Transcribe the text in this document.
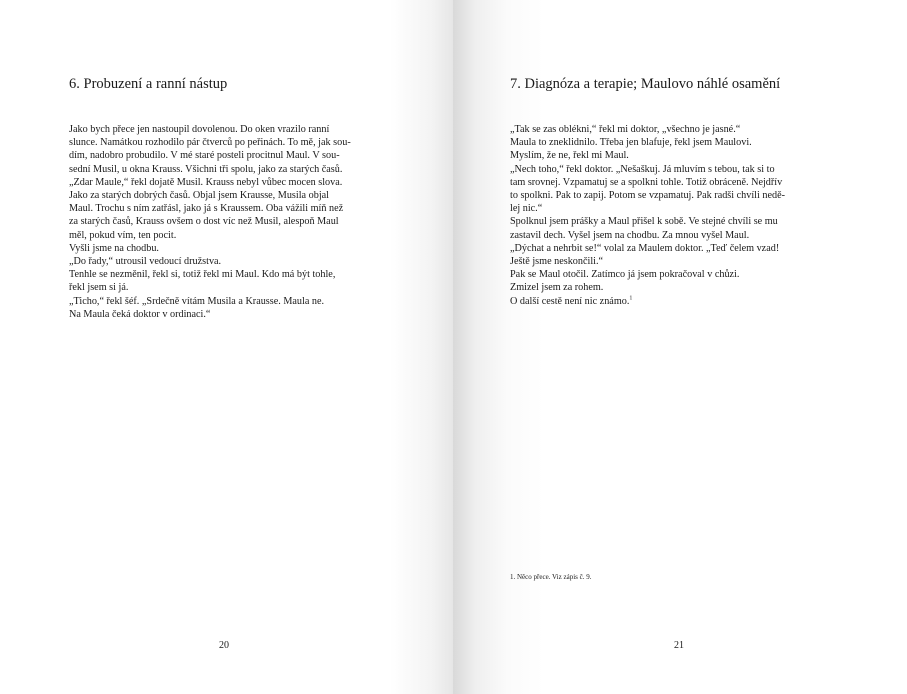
6. Probuzení a ranní nástup
Jako bych přece jen nastoupil dovolenou. Do oken vrazilo ranní
slunce. Namátkou rozhodilo pár čtverců po peřinách. To mě, jak sou-
dím, nadobro probudilo. V mé staré posteli procitnul Maul. V sou-
sední Musil, u okna Krauss. Všichni tři spolu, jako za starých časů.
„Zdar Maule,“ řekl dojatě Musil. Krauss nebyl vůbec mocen slova.
Jako za starých dobrých časů. Objal jsem Krausse, Musila objal
Maul. Trochu s ním zatřásl, jako já s Kraussem. Oba vážili míň než
za starých časů, Krauss ovšem o dost víc než Musil, alespoň Maul
měl, pokud vím, ten pocit.
Vyšli jsme na chodbu.
„Do řady,“ utrousil vedoucí družstva.
Tenhle se nezměnil, řekl si, totiž řekl mi Maul. Kdo má být tohle,
řekl jsem si já.
„Ticho,“ řekl šéf. „Srdečně vítám Musila a Krausse. Maula ne.
Na Maula čeká doktor v ordinaci.“
20
7. Diagnóza a terapie; Maulovo náhlé osamění
„Tak se zas oblékni,“ řekl mi doktor, „všechno je jasné.“
Maula to zneklidnilo. Třeba jen blafuje, řekl jsem Maulovi.
Myslím, že ne, řekl mi Maul.
„Nech toho,“ řekl doktor. „Nešaškuj. Já mluvím s tebou, tak si to
tam srovnej. Vzpamatuj se a spolkni tohle. Totiž obráceně. Nejdřív
to spolkni. Pak to zapij. Potom se vzpamatuj. Pak radši chvíli nedě-
lej nic.“
Spolknul jsem prášky a Maul přišel k sobě. Ve stejné chvíli se mu
zastavil dech. Vyšel jsem na chodbu. Za mnou vyšel Maul.
„Dýchat a nehrbit se!“ volal za Maulem doktor. „Teď čelem vzad!
Ještě jsme neskončili.“
Pak se Maul otočil. Zatímco já jsem pokračoval v chůzi.
Zmizel jsem za rohem.
O další cestě není nic známo.$^1$
1. Něco přece. Viz zápis č. 9.
21
